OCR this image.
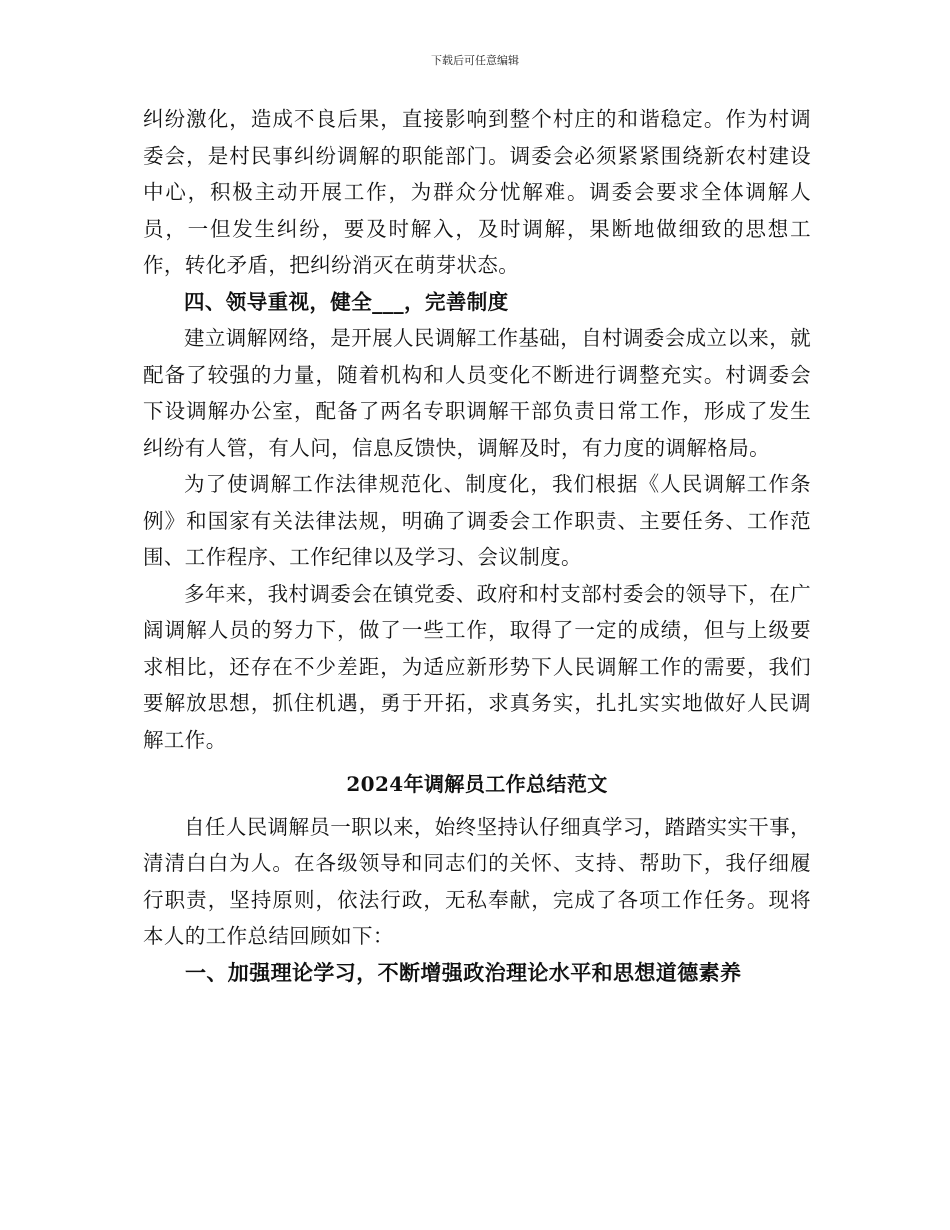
下载后可任意编辑

纠纷激化，造成不良后果，直接影响到整个村庄的和谐稳定。作为村调委会，是村民事纠纷调解的职能部门。调委会必须紧紧围绕新农村建设中心，积极主动开展工作，为群众分忧解难。调委会要求全体调解人员，一但发生纠纷，要及时解入，及时调解，果断地做细致的思想工作，转化矛盾，把纠纷消灭在萌芽状态。

四、领导重视，健全___，完善制度

建立调解网络，是开展人民调解工作基础，自村调委会成立以来，就配备了较强的力量，随着机构和人员变化不断进行调整充实。村调委会下设调解办公室，配备了两名专职调解干部负责日常工作，形成了发生纠纷有人管，有人问，信息反馈快，调解及时，有力度的调解格局。

为了使调解工作法律规范化、制度化，我们根据《人民调解工作条例》和国家有关法律法规，明确了调委会工作职责、主要任务、工作范围、工作程序、工作纪律以及学习、会议制度。

多年来，我村调委会在镇党委、政府和村支部村委会的领导下，在广阔调解人员的努力下，做了一些工作，取得了一定的成绩，但与上级要求相比，还存在不少差距，为适应新形势下人民调解工作的需要，我们要解放思想，抓住机遇，勇于开拓，求真务实，扎扎实实地做好人民调解工作。

2024年调解员工作总结范文

自任人民调解员一职以来，始终坚持认仔细真学习，踏踏实实干事，清清白白为人。在各级领导和同志们的关怀、支持、帮助下，我仔细履行职责，坚持原则，依法行政，无私奉献，完成了各项工作任务。现将本人的工作总结回顾如下：

一、加强理论学习，不断增强政治理论水平和思想道德素养
